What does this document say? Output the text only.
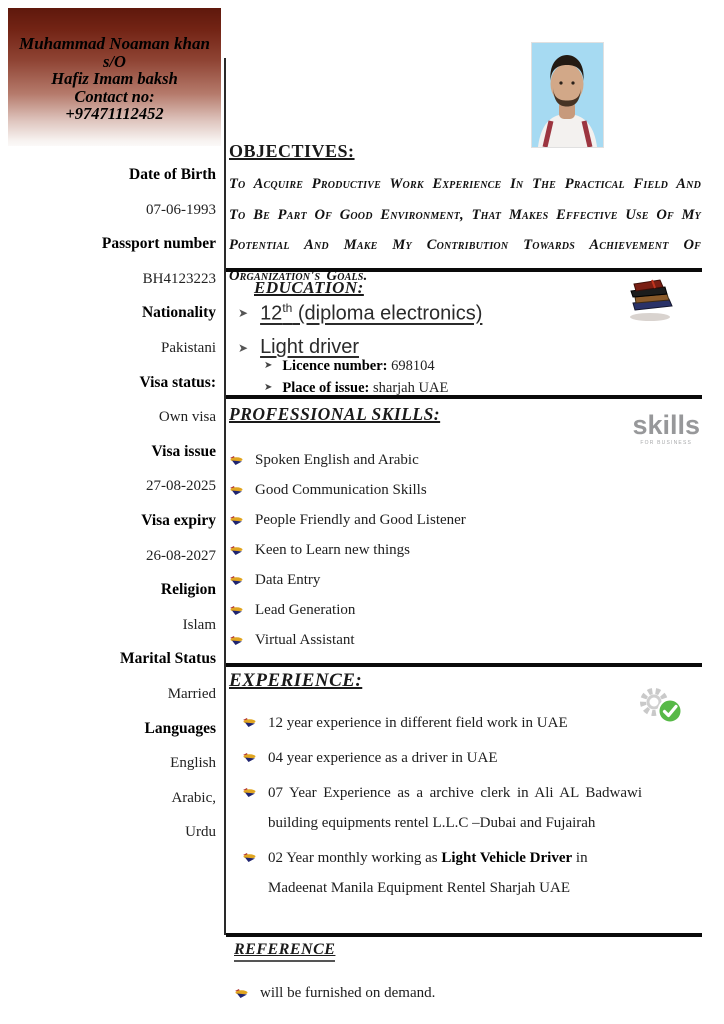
Muhammad Noaman khan
s/O
Hafiz Imam baksh
Contact no:
+97471112452
Date of Birth
07-06-1993
Passport number
BH4123223
Nationality
Pakistani
Visa status:
Own visa
Visa issue
27-08-2025
Visa expiry
26-08-2027
Religion
Islam
Marital Status
Married
Languages
English
Arabic,
Urdu
OBJECTIVES:

To Acquire Productive Work Experience In The Practical Field And To Be Part Of Good Environment, That Makes Effective Use Of My Potential And Make My Contribution Towards Achievement Of Organization's Goals.

EDUCATION:
➤ 12th (diploma electronics)
➤ Light driver
➤ Licence number: 698104
➤ Place of issue: sharjah UAE
PROFESSIONAL SKILLS:	skills
FOR BUSINESS
Spoken English and Arabic
Good Communication Skills
People Friendly and Good Listener
Keen to Learn new things
Data Entry
Lead Generation
Virtual Assistant
EXPERIENCE:
12 year experience in different field work in UAE
04 year experience as a driver in UAE
07 Year Experience as a archive clerk in Ali AL Badwawi building equipments rentel L.L.C –Dubai and Fujairah
02 Year monthly working as Light Vehicle Driver in Madeenat Manila Equipment Rentel Sharjah UAE
REFERENCE
will be furnished on demand.
